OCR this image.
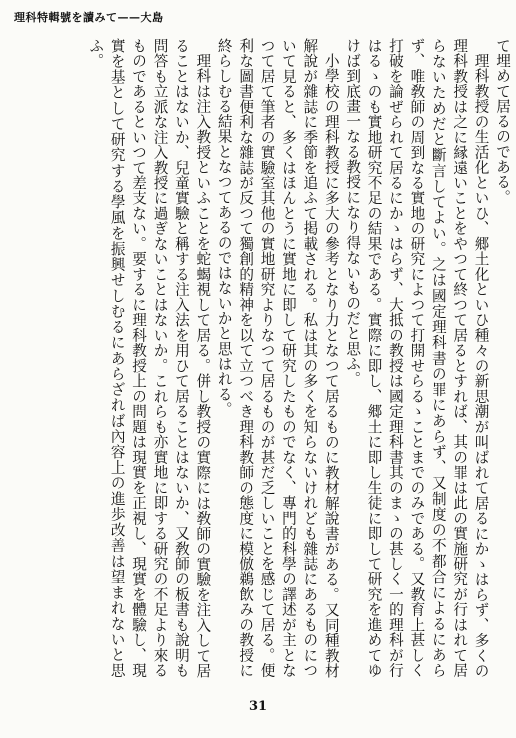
理科特輯號を讀みて——大島

て埋めて居るのである。

理科教授の生活化といひ、郷土化といひ種々の新思潮が叫ばれて居るにかゝはらず、多くの理科教授は之に縁遠いことをやつて終つて居るとすれば、其の罪は此の實施研究が行はれて居らないためだと斷言してよい。之は國定理科書の罪にあらず、又制度の不都合によるにあらず、唯敎師の周到なる實地の研究によつて打開せらるゝことまでのみである。又教育上甚しく打破を論ぜられて居るにかゝはらず、大抵の教授は國定理科書其のまゝの甚しく一的理科が行はるゝのも實地研究不足の結果である。實際に即し、郷土に即し生徒に即して研究を進めてゆけば到底畫一なる教授になり得ないものだと思ふ。

小學校の理科教授に多大の參考となり力となつて居るものに教材解說書がある。又同種教材解說が雜誌に季節を追ふて掲載される。私は其の多くを知らないけれども雜誌にあるものについて見ると、多くはほんとうに實地に即して研究したものでなく、專門的科學の譯述が主となつて居て筆者の實驗室其他の實地研究よりなつて居るものが甚だ乏しいことを感じて居る。便利な圖書便利な雜誌が反つて獨創的精神を以て立つべき理科教師の態度に模倣鵜飲みの教授に終らしむる結果となつてあるのではないかと思はれる。

理科は注入教授といふことを蛇蝎視して居る。併し教授の實際には敎師の實驗を注入して居ることはないか、兒童實驗と稱する注入法を用ひて居ることはないか、又敎師の板書も說明も問答も立派な注入教授に過ぎないことはないか。これらも亦實地に即する研究の不足より來るものであるといつて差支ない。要するに理科教授上の問題は現實を正視し、現實を體驗し、現實を基として研究する學風を振興せしむるにあらざれば內容上の進歩改善は望まれないと思ふ。

31
